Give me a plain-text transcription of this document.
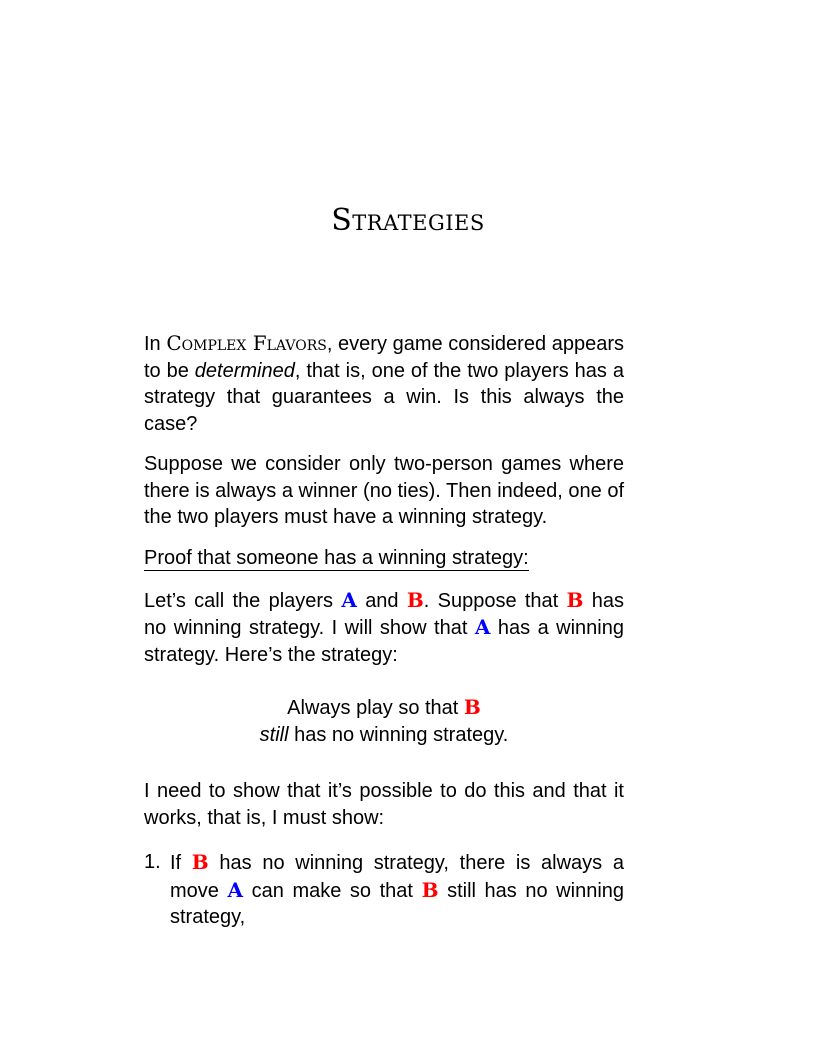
Strategies

In Complex Flavors, every game considered appears to be determined, that is, one of the two players has a strategy that guarantees a win. Is this always the case?

Suppose we consider only two-person games where there is always a winner (no ties). Then indeed, one of the two players must have a winning strategy.

Proof that someone has a winning strategy:

Let’s call the players A and B. Suppose that B has no winning strategy. I will show that A has a winning strategy. Here’s the strategy:

Always play so that B
still has no winning strategy.

I need to show that it’s possible to do this and that it works, that is, I must show:

1. If B has no winning strategy, there is always a move A can make so that B still has no winning strategy,
